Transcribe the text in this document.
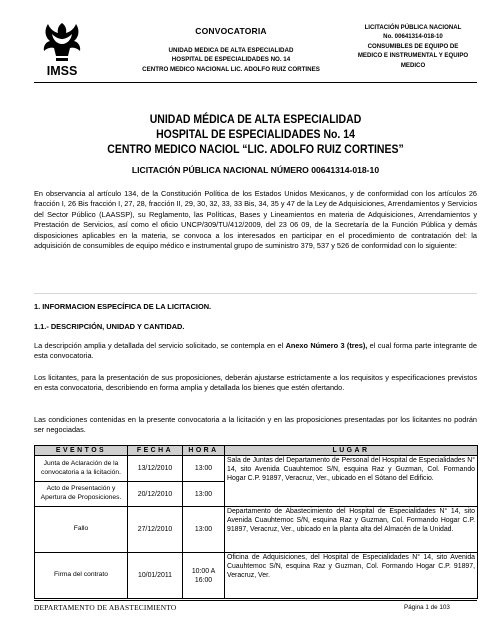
IMSS
CONVOCATORIA
UNIDAD MEDICA DE ALTA ESPECIALIDAD
HOSPITAL DE ESPECIALIDADES NO. 14
CENTRO MEDICO NACIONAL LIC. ADOLFO RUIZ CORTINES
LICITACIÓN PÚBLICA NACIONAL
No. 00641314-018-10
CONSUMIBLES DE EQUIPO DE
MEDICO E INSTRUMENTAL Y EQUIPO
MEDICO
UNIDAD MÉDICA DE ALTA ESPECIALIDAD
HOSPITAL DE ESPECIALIDADES No. 14
CENTRO MEDICO NACIOL “LIC. ADOLFO RUIZ CORTINES”
LICITACIÓN PÚBLICA NACIONAL NÚMERO 00641314-018-10
En observancia al artículo 134, de la Constitución Política de los Estados Unidos Mexicanos, y de conformidad con los artículos 26 fracción I, 26 Bis fracción I, 27, 28, fracción II, 29, 30, 32, 33, 33 Bis, 34, 35 y 47 de la Ley de Adquisiciones, Arrendamientos y Servicios del Sector Público (LAASSP), su Reglamento, las Políticas, Bases y Lineamientos en materia de Adquisiciones, Arrendamientos y Prestación de Servicios, así como el oficio UNCP/309/TU/412/2009, del 23 06 09, de la Secretaría de la Función Pública y demás disposiciones aplicables en la materia, se convoca a los interesados en participar en el procedimiento de contratación del: la adquisición de consumibles de equipo médico e instrumental grupo de suministro 379, 537 y 526 de conformidad con lo siguiente:
1. INFORMACION ESPECÍFICA DE LA LICITACION.
1.1.- DESCRIPCIÓN, UNIDAD Y CANTIDAD.
La descripción amplia y detallada del servicio solicitado, se contempla en el Anexo Número 3 (tres), el cual forma parte integrante de esta convocatoria.
Los licitantes, para la presentación de sus proposiciones, deberán ajustarse estrictamente a los requisitos y especificaciones previstos en esta convocatoria, describiendo en forma amplia y detallada los bienes que estén ofertando.
Las condiciones contenidas en la presente convocatoria a la licitación y en las proposiciones presentadas por los licitantes no podrán ser negociadas.
EVENTOS	FECHA	HORA	LUGAR
Junta de Aclaración de la convocatoria a la licitación.	13/12/2010	13:00	Sala de Juntas del Departamento de Personal del Hospital de Especialidades N° 14, sito Avenida Cuauhtemoc S/N, esquina Raz y Guzman, Col. Formando Hogar C.P. 91897, Veracruz, Ver., ubicado en el Sótano del Edificio.
Acto de Presentación y Apertura de Proposiciones.	20/12/2010	13:00	
Fallo	27/12/2010	13:00	Departamento de Abastecimiento del Hospital de Especialidades N° 14, sito Avenida Cuauhtemoc S/N, esquina Raz y Guzman, Col. Formando Hogar C.P. 91897, Veracruz, Ver., ubicado en la planta alta del Almacén de la Unidad.
Firma del contrato	10/01/2011	10:00 A 16:00	Oficina de Adquisiciones, del Hospital de Especialidades N° 14, sito Avenida Cuauhtemoc S/N, esquina Raz y Guzman, Col. Formando Hogar C.P. 91897, Veracruz, Ver.
DEPARTAMENTO DE ABASTECIMIENTO	Página 1 de 103
